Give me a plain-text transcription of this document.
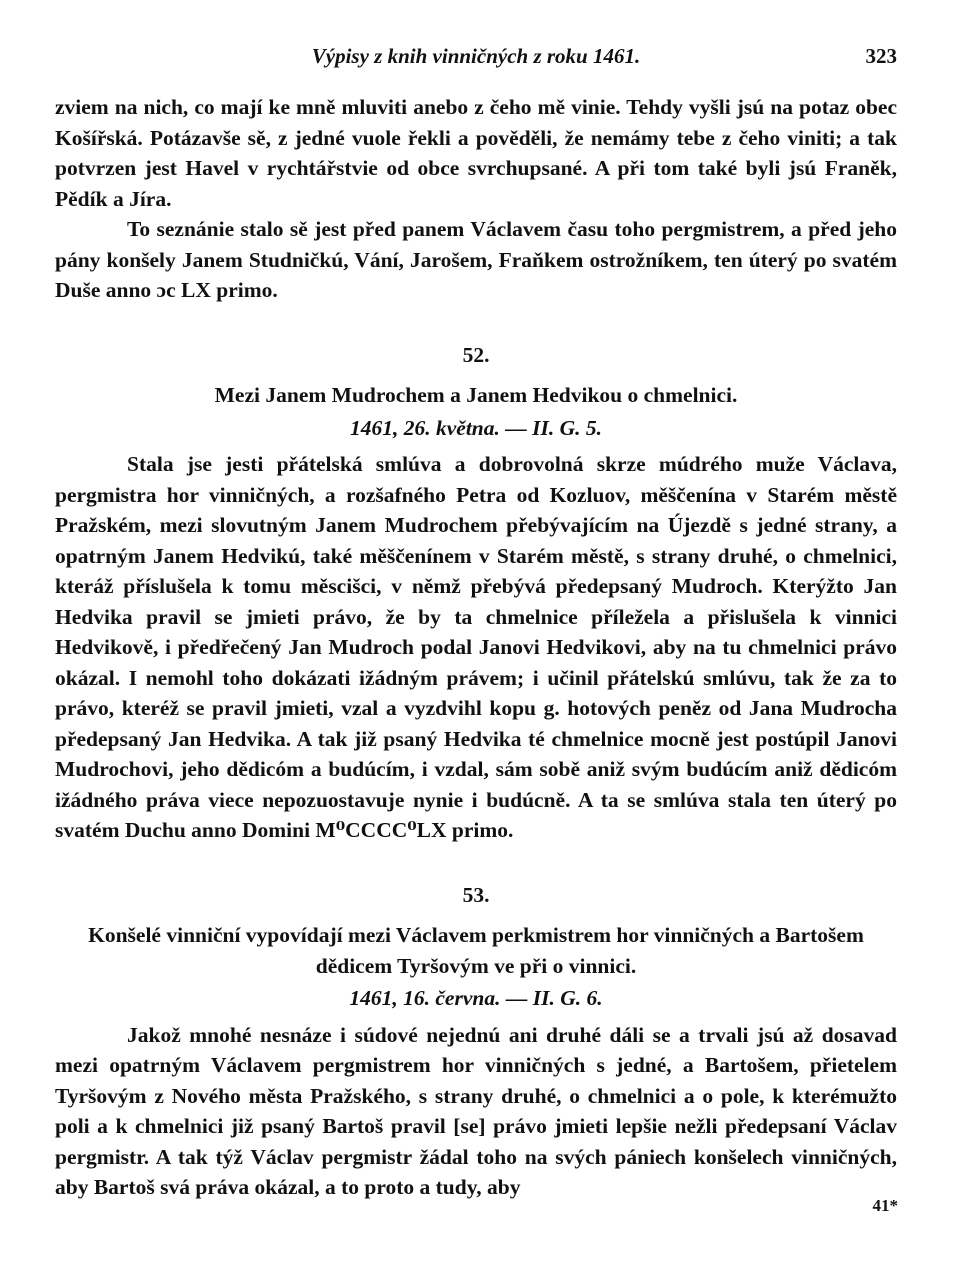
Výpisy z knih vinničných z roku 1461.	323

zviem na nich, co mají ke mně mluviti anebo z čeho mě vinie. Tehdy vyšli jsú na potaz obec Košířská. Potázavše sě, z jedné vuole řekli a pověděli, že nemámy tebe z čeho viniti; a tak potvrzen jest Havel v rychtářstvie od obce svrchupsané. A při tom také byli jsú Franěk, Pědík a Jíra.

To seznánie stalo sě jest před panem Václavem času toho pergmistrem, a před jeho pány konšely Janem Studničkú, Vání, Jarošem, Fraňkem ostrožníkem, ten úterý po svatém Duše anno ɔc LX primo.

52.

Mezi Janem Mudrochem a Janem Hedvikou o chmelnici.

1461, 26. května. — II. G. 5.

Stala jse jesti přátelská smlúva a dobrovolná skrze múdrého muže Václava, pergmistra hor vinničných, a rozšafného Petra od Kozluov, měščenína v Starém městě Pražském, mezi slovutným Janem Mudrochem přebývajícím na Újezdě s jedné strany, a opatrným Janem Hedvikú, také měščenínem v Starém městě, s strany druhé, o chmelnici, kteráž příslušela k tomu měscišci, v němž přebývá předepsaný Mudroch. Kterýžto Jan Hedvika pravil se jmieti právo, že by ta chmelnice příležela a přislušela k vinnici Hedvikově, i předřečený Jan Mudroch podal Janovi Hedvikovi, aby na tu chmelnici právo okázal. I nemohl toho dokázati ižádným právem; i učinil přátelskú smlúvu, tak že za to právo, kteréž se pravil jmieti, vzal a vyzdvihl kopu g. hotových peněz od Jana Mudrocha předepsaný Jan Hedvika. A tak již psaný Hedvika té chmelnice mocně jest postúpil Janovi Mudrochovi, jeho dědicóm a budúcím, i vzdal, sám sobě aniž svým budúcím aniž dědicóm ižádného práva viece nepozuostavuje nynie i budúcně. A ta se smlúva stala ten úterý po svatém Duchu anno Domini M⁰CCCC⁰LX primo.

53.

Konšelé vinniční vypovídají mezi Václavem perkmistrem hor vinničných a Bartošem dědicem Tyršovým ve při o vinnici.

1461, 16. června. — II. G. 6.

Jakož mnohé nesnáze i súdové nejednú ani druhé dáli se a trvali jsú až dosavad mezi opatrným Václavem pergmistrem hor vinničných s jedné, a Bartošem, přietelem Tyršovým z Nového města Pražského, s strany druhé, o chmelnici a o pole, k kterémužto poli a k chmelnici již psaný Bartoš pravil [se] právo jmieti lepšie nežli předepsaní Václav pergmistr. A tak týž Václav pergmistr žádal toho na svých pániech konšelech vinničných, aby Bartoš svá práva okázal, a to proto a tudy, aby

41*
